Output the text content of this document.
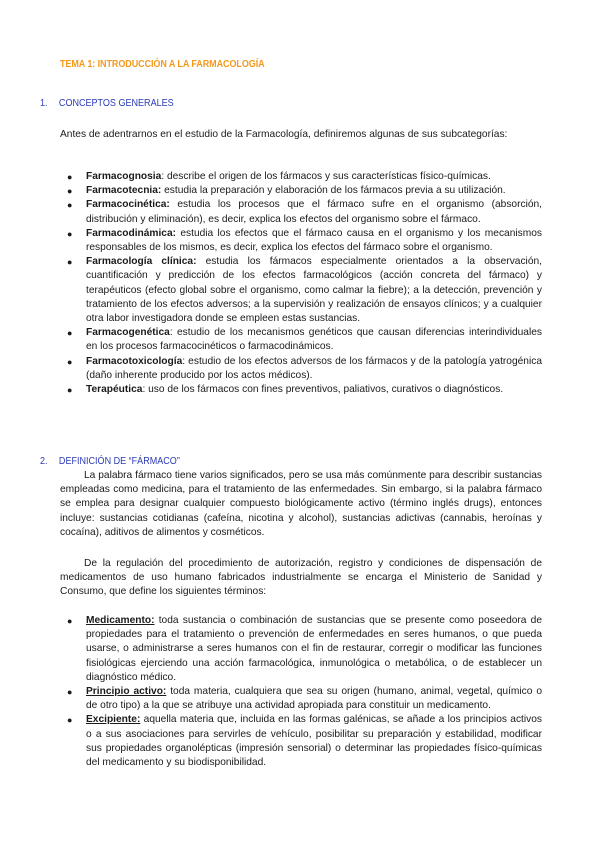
TEMA 1: INTRODUCCIÓN A LA FARMACOLOGÍA
1. CONCEPTOS GENERALES

Antes de adentrarnos en el estudio de la Farmacología, definiremos algunas de sus subcategorías:

● Farmacognosia: describe el origen de los fármacos y sus características físico-químicas.
● Farmacotecnia: estudia la preparación y elaboración de los fármacos previa a su utilización.
● Farmacocinética: estudia los procesos que el fármaco sufre en el organismo (absorción, distribución y eliminación), es decir, explica los efectos del organismo sobre el fármaco.
● Farmacodinámica: estudia los efectos que el fármaco causa en el organismo y los mecanismos responsables de los mismos, es decir, explica los efectos del fármaco sobre el organismo.
● Farmacología clínica: estudia los fármacos especialmente orientados a la observación, cuantificación y predicción de los efectos farmacológicos (acción concreta del fármaco) y terapéuticos (efecto global sobre el organismo, como calmar la fiebre); a la detección, prevención y tratamiento de los efectos adversos; a la supervisión y realización de ensayos clínicos; y a cualquier otra labor investigadora donde se empleen estas sustancias.
● Farmacogenética: estudio de los mecanismos genéticos que causan diferencias interindividuales en los procesos farmacocinéticos o farmacodinámicos.
● Farmacotoxicología: estudio de los efectos adversos de los fármacos y de la patología yatrogénica (daño inherente producido por los actos médicos).
● Terapéutica: uso de los fármacos con fines preventivos, paliativos, curativos o diagnósticos.
2. DEFINICIÓN DE “FÁRMACO”

La palabra fármaco tiene varios significados, pero se usa más comúnmente para describir sustancias empleadas como medicina, para el tratamiento de las enfermedades. Sin embargo, si la palabra fármaco se emplea para designar cualquier compuesto biológicamente activo (término inglés drugs), entonces incluye: sustancias cotidianas (cafeína, nicotina y alcohol), sustancias adictivas (cannabis, heroínas y cocaína), aditivos de alimentos y cosméticos.

De la regulación del procedimiento de autorización, registro y condiciones de dispensación de medicamentos de uso humano fabricados industrialmente se encarga el Ministerio de Sanidad y Consumo, que define los siguientes términos:

● Medicamento: toda sustancia o combinación de sustancias que se presente como poseedora de propiedades para el tratamiento o prevención de enfermedades en seres humanos, o que pueda usarse, o administrarse a seres humanos con el fin de restaurar, corregir o modificar las funciones fisiológicas ejerciendo una acción farmacológica, inmunológica o metabólica, o de establecer un diagnóstico médico.
● Principio activo: toda materia, cualquiera que sea su origen (humano, animal, vegetal, químico o de otro tipo) a la que se atribuye una actividad apropiada para constituir un medicamento.
● Excipiente: aquella materia que, incluida en las formas galénicas, se añade a los principios activos o a sus asociaciones para servirles de vehículo, posibilitar su preparación y estabilidad, modificar sus propiedades organolépticas (impresión sensorial) o determinar las propiedades físico-químicas del medicamento y su biodisponibilidad.
